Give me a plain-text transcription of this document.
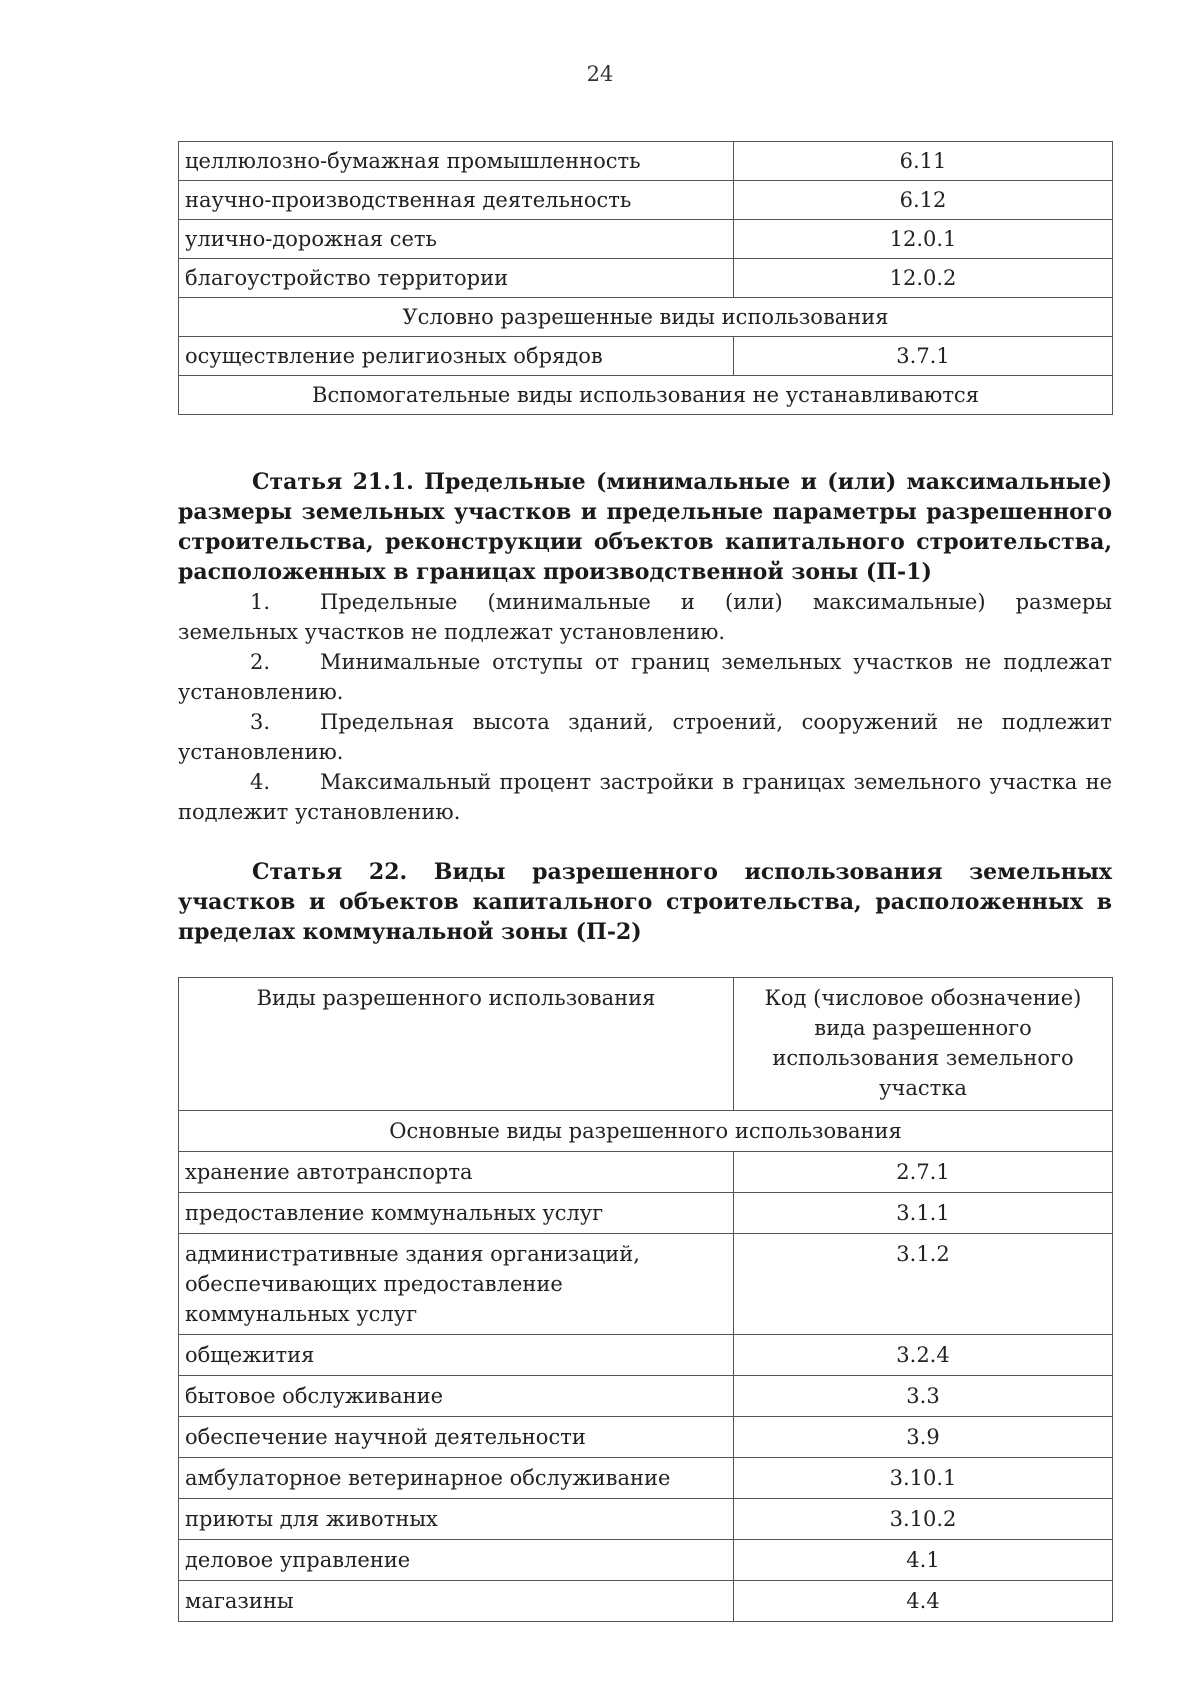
24
целлюлозно-бумажная промышленность	6.11
научно-производственная деятельность	6.12
улично-дорожная сеть	12.0.1
благоустройство территории	12.0.2
Условно разрешенные виды использования	
осуществление религиозных обрядов	3.7.1
Вспомогательные виды использования не устанавливаются	

Статья 21.1. Предельные (минимальные и (или) максимальные) размеры земельных участков и предельные параметры разрешенного строительства, реконструкции объектов капитального строительства, расположенных в границах производственной зоны (П-1)

1. Предельные (минимальные и (или) максимальные) размеры земельных участков не подлежат установлению.

2. Минимальные отступы от границ земельных участков не подлежат установлению.

3. Предельная высота зданий, строений, сооружений не подлежит установлению.

4. Максимальный процент застройки в границах земельного участка не подлежит установлению.

Статья 22. Виды разрешенного использования земельных участков и объектов капитального строительства, расположенных в пределах коммунальной зоны (П-2)

Виды разрешенного использования	Код (числовое обозначение) вида разрешенного использования земельного участка
Основные виды разрешенного использования	
хранение автотранспорта	2.7.1
предоставление коммунальных услуг	3.1.1
административные здания организаций, обеспечивающих предоставление коммунальных услуг	3.1.2
общежития	3.2.4
бытовое обслуживание	3.3
обеспечение научной деятельности	3.9
амбулаторное ветеринарное обслуживание	3.10.1
приюты для животных	3.10.2
деловое управление	4.1
магазины	4.4
